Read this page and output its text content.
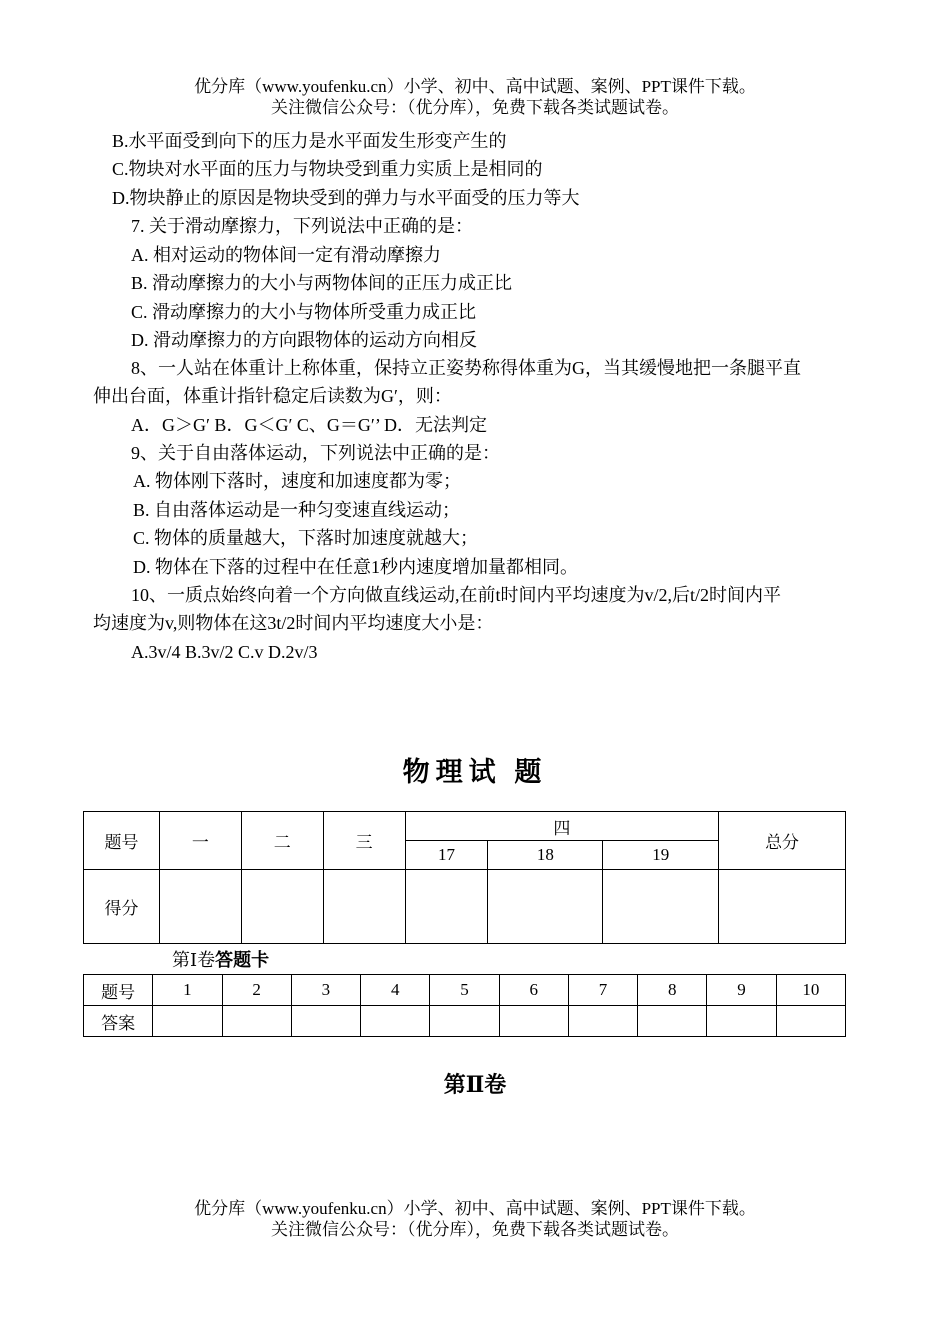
优分库（www.youfenku.cn）小学、初中、高中试题、案例、PPT课件下载。
关注微信公众号：（优分库），免费下载各类试题试卷。
B.水平面受到向下的压力是水平面发生形变产生的
C.物块对水平面的压力与物块受到重力实质上是相同的
D.物块静止的原因是物块受到的弹力与水平面受的压力等大
7. 关于滑动摩擦力，下列说法中正确的是：
A. 相对运动的物体间一定有滑动摩擦力
B. 滑动摩擦力的大小与两物体间的正压力成正比
C. 滑动摩擦力的大小与物体所受重力成正比
D. 滑动摩擦力的方向跟物体的运动方向相反
8、一人站在体重计上称体重，保持立正姿势称得体重为G，当其缓慢地把一条腿平直
伸出台面，体重计指针稳定后读数为G′，则：
A．G＞G′ B．G＜G′ C、G＝G′’ D．无法判定
9、关于自由落体运动，下列说法中正确的是：
A. 物体刚下落时，速度和加速度都为零；
B. 自由落体运动是一种匀变速直线运动；
C. 物体的质量越大，下落时加速度就越大；
D. 物体在下落的过程中在任意1秒内速度增加量都相同。
10、一质点始终向着一个方向做直线运动,在前t时间内平均速度为v/2,后t/2时间内平
均速度为v,则物体在这3t/2时间内平均速度大小是：
A.3v/4 B.3v/2 C.v D.2v/3
物理试 题
题号	一	二	三	四			总分
				17	18	19	
得分							
第Ⅰ卷答题卡
题号	1	2	3	4	5	6	7	8	9	10
答案										
第Ⅱ卷
优分库（www.youfenku.cn）小学、初中、高中试题、案例、PPT课件下载。
关注微信公众号：（优分库），免费下载各类试题试卷。
